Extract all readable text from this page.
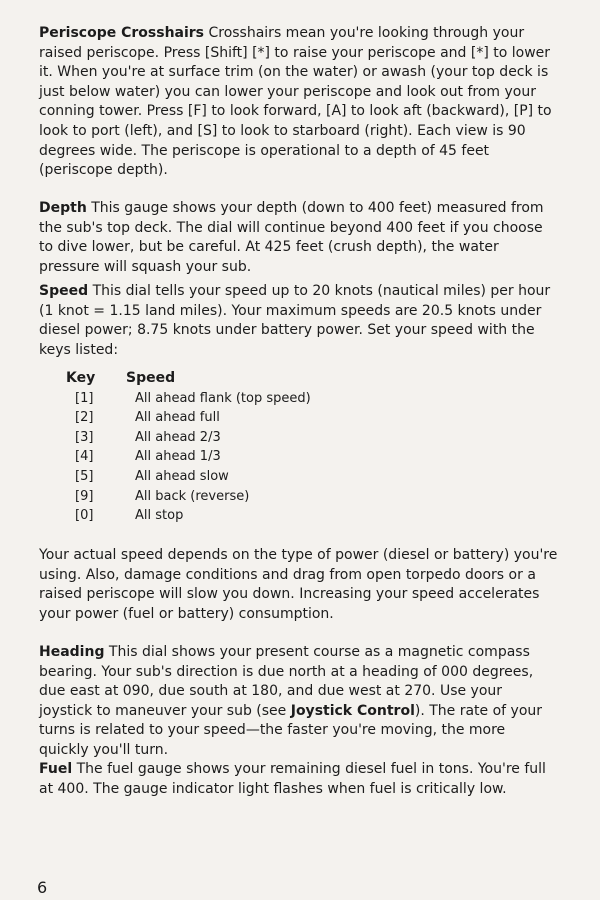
Periscope Crosshairs Crosshairs mean you're looking through your raised periscope. Press [Shift] [*] to raise your periscope and [*] to lower it. When you're at surface trim (on the water) or awash (your top deck is just below water) you can lower your periscope and look out from your conning tower. Press [F] to look forward, [A] to look aft (backward), [P] to look to port (left), and [S] to look to starboard (right). Each view is 90 degrees wide. The periscope is operational to a depth of 45 feet (periscope depth).

Depth This gauge shows your depth (down to 400 feet) measured from the sub's top deck. The dial will continue beyond 400 feet if you choose to dive lower, but be careful. At 425 feet (crush depth), the water pressure will squash your sub.

Speed This dial tells your speed up to 20 knots (nautical miles) per hour (1 knot = 1.15 land miles). Your maximum speeds are 20.5 knots under diesel power; 8.75 knots under battery power. Set your speed with the keys listed:

Key	Speed
[1]	All ahead flank (top speed)
[2]	All ahead full
[3]	All ahead 2/3
[4]	All ahead 1/3
[5]	All ahead slow
[9]	All back (reverse)
[0]	All stop

Your actual speed depends on the type of power (diesel or battery) you're using. Also, damage conditions and drag from open torpedo doors or a raised periscope will slow you down. Increasing your speed accelerates your power (fuel or battery) consumption.

Heading This dial shows your present course as a magnetic compass bearing. Your sub's direction is due north at a heading of 000 degrees, due east at 090, due south at 180, and due west at 270. Use your joystick to maneuver your sub (see Joystick Control). The rate of your turns is related to your speed—the faster you're moving, the more quickly you'll turn.

Fuel The fuel gauge shows your remaining diesel fuel in tons. You're full at 400. The gauge indicator light flashes when fuel is critically low.

6
